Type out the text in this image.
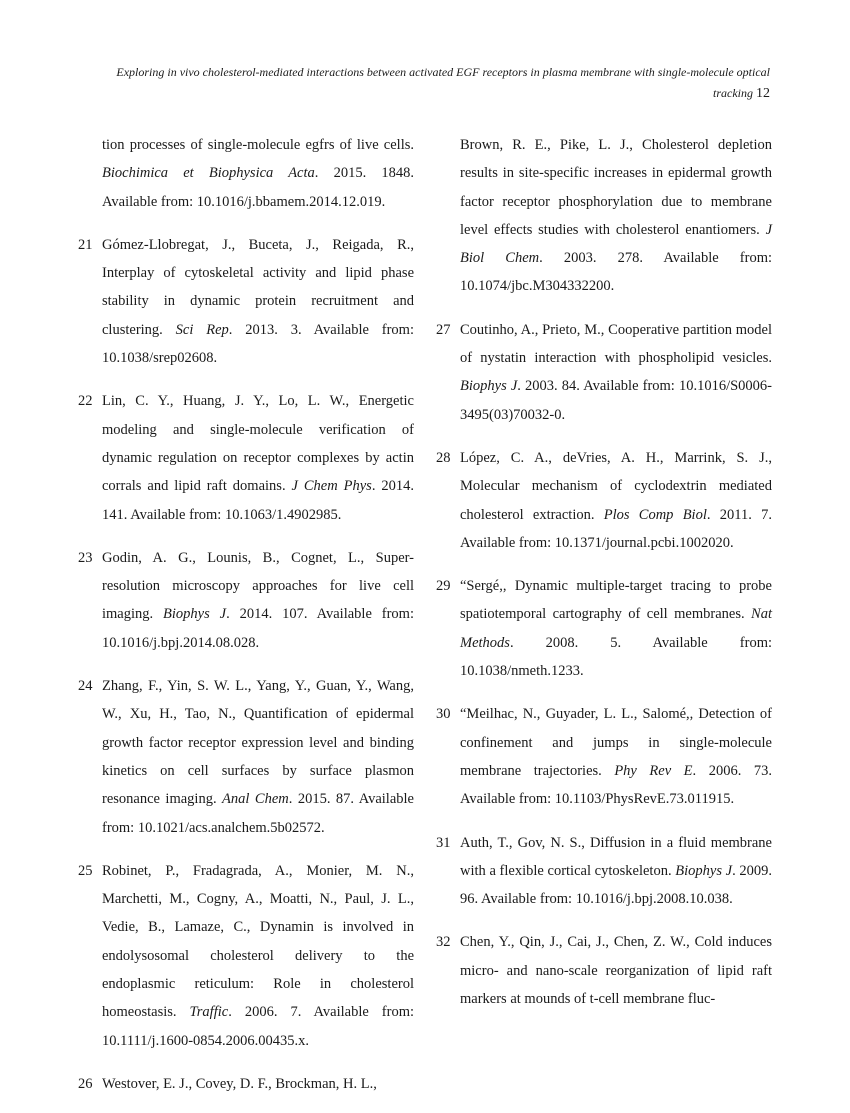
Exploring in vivo cholesterol-mediated interactions between activated EGF receptors in plasma membrane with single-molecule optical
tracking 12
tion processes of single-molecule egfrs of live cells. Biochimica et Biophysica Acta. 2015. 1848. Available from: 10.1016/j.bbamem.2014.12.019.
21 Gómez-Llobregat, J., Buceta, J., Reigada, R., Interplay of cytoskeletal activity and lipid phase stability in dynamic protein recruitment and clustering. Sci Rep. 2013. 3. Available from: 10.1038/srep02608.
22 Lin, C. Y., Huang, J. Y., Lo, L. W., Energetic modeling and single-molecule verification of dynamic regulation on receptor complexes by actin corrals and lipid raft domains. J Chem Phys. 2014. 141. Available from: 10.1063/1.4902985.
23 Godin, A. G., Lounis, B., Cognet, L., Super-resolution microscopy approaches for live cell imaging. Biophys J. 2014. 107. Available from: 10.1016/j.bpj.2014.08.028.
24 Zhang, F., Yin, S. W. L., Yang, Y., Guan, Y., Wang, W., Xu, H., Tao, N., Quantification of epidermal growth factor receptor expression level and binding kinetics on cell surfaces by surface plasmon resonance imaging. Anal Chem. 2015. 87. Available from: 10.1021/acs.analchem.5b02572.
25 Robinet, P., Fradagrada, A., Monier, M. N., Marchetti, M., Cogny, A., Moatti, N., Paul, J. L., Vedie, B., Lamaze, C., Dynamin is involved in endolysosomal cholesterol delivery to the endoplasmic reticulum: Role in cholesterol homeostasis. Traffic. 2006. 7. Available from: 10.1111/j.1600-0854.2006.00435.x.
26 Westover, E. J., Covey, D. F., Brockman, H. L.,
Brown, R. E., Pike, L. J., Cholesterol depletion results in site-specific increases in epidermal growth factor receptor phosphorylation due to membrane level effects studies with cholesterol enantiomers. J Biol Chem. 2003. 278. Available from: 10.1074/jbc.M304332200.
27 Coutinho, A., Prieto, M., Cooperative partition model of nystatin interaction with phospholipid vesicles. Biophys J. 2003. 84. Available from: 10.1016/S0006-3495(03)70032-0.
28 López, C. A., deVries, A. H., Marrink, S. J., Molecular mechanism of cyclodextrin mediated cholesterol extraction. Plos Comp Biol. 2011. 7. Available from: 10.1371/journal.pcbi.1002020.
29 “Sergé,, Dynamic multiple-target tracing to probe spatiotemporal cartography of cell membranes. Nat Methods. 2008. 5. Available from: 10.1038/nmeth.1233.
30 “Meilhac, N., Guyader, L. L., Salomé,, Detection of confinement and jumps in single-molecule membrane trajectories. Phy Rev E. 2006. 73. Available from: 10.1103/PhysRevE.73.011915.
31 Auth, T., Gov, N. S., Diffusion in a fluid membrane with a flexible cortical cytoskeleton. Biophys J. 2009. 96. Available from: 10.1016/j.bpj.2008.10.038.
32 Chen, Y., Qin, J., Cai, J., Chen, Z. W., Cold induces micro- and nano-scale reorganization of lipid raft markers at mounds of t-cell membrane fluc-
